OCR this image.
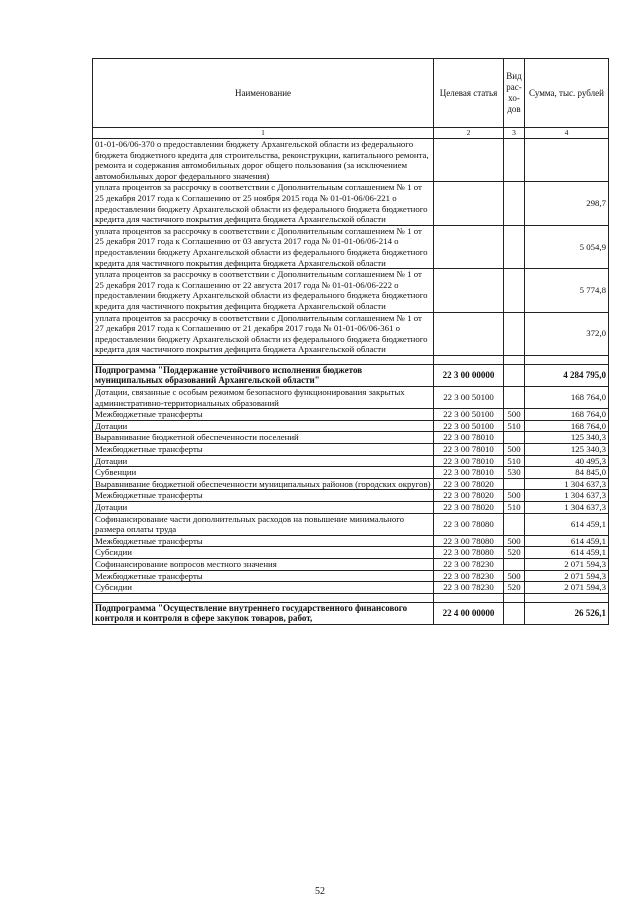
Наименование	Целевая статья	Вид рас-хо-дов	Сумма, тыс. рублей
1	2	3	4
01-01-06/06-370 о предоставлении бюджету Архангельской области из федерального бюджета бюджетного кредита для строительства, реконструкции, капитального ремонта, ремонта и содержания автомобильных дорог общего пользования (за исключением автомобильных дорог федерального значения)			
уплата процентов за рассрочку в соответствии с Дополнительным соглашением № 1 от 25 декабря 2017 года к Соглашению от 25 ноября 2015 года № 01-01-06/06-221 о предоставлении бюджету Архангельской области из федерального бюджета бюджетного кредита для частичного покрытия дефицита бюджета Архангельской области			298,7
уплата процентов за рассрочку в соответствии с Дополнительным соглашением № 1 от 25 декабря 2017 года к Соглашению от 03 августа 2017 года № 01-01-06/06-214 о предоставлении бюджету Архангельской области из федерального бюджета бюджетного кредита для частичного покрытия дефицита бюджета Архангельской области			5 054,9
уплата процентов за рассрочку в соответствии с Дополнительным соглашением № 1 от 25 декабря 2017 года к Соглашению от 22 августа 2017 года № 01-01-06/06-222 о предоставлении бюджету Архангельской области из федерального бюджета бюджетного кредита для частичного покрытия дефицита бюджета Архангельской области			5 774,8
уплата процентов за рассрочку в соответствии с Дополнительным соглашением № 1 от 27 декабря 2017 года к Соглашению от 21 декабря 2017 года № 01-01-06/06-361 о предоставлении бюджету Архангельской области из федерального бюджета бюджетного кредита для частичного покрытия дефицита бюджета Архангельской области			372,0

Подпрограмма "Поддержание устойчивого исполнения бюджетов муниципальных образований Архангельской области"	22 3 00 00000		4 284 795,0
Дотации, связанные с особым режимом безопасного функционирования закрытых административно-территориальных образований	22 3 00 50100		168 764,0
Межбюджетные трансферты	22 3 00 50100	500	168 764,0
Дотации	22 3 00 50100	510	168 764,0
Выравнивание бюджетной обеспеченности поселений	22 3 00 78010		125 340,3
Межбюджетные трансферты	22 3 00 78010	500	125 340,3
Дотации	22 3 00 78010	510	40 495,3
Субвенции	22 3 00 78010	530	84 845,0
Выравнивание бюджетной обеспеченности муниципальных районов (городских округов)	22 3 00 78020		1 304 637,3
Межбюджетные трансферты	22 3 00 78020	500	1 304 637,3
Дотации	22 3 00 78020	510	1 304 637,3
Софинансирование части дополнительных расходов на повышение минимального размера оплаты труда	22 3 00 78080		614 459,1
Межбюджетные трансферты	22 3 00 78080	500	614 459,1
Субсидии	22 3 00 78080	520	614 459,1
Софинансирование вопросов местного значения	22 3 00 78230		2 071 594,3
Межбюджетные трансферты	22 3 00 78230	500	2 071 594,3
Субсидии	22 3 00 78230	520	2 071 594,3

Подпрограмма "Осуществление внутреннего государственного финансового контроля и контроля в сфере закупок товаров, работ,	22 4 00 00000		26 526,1
52
